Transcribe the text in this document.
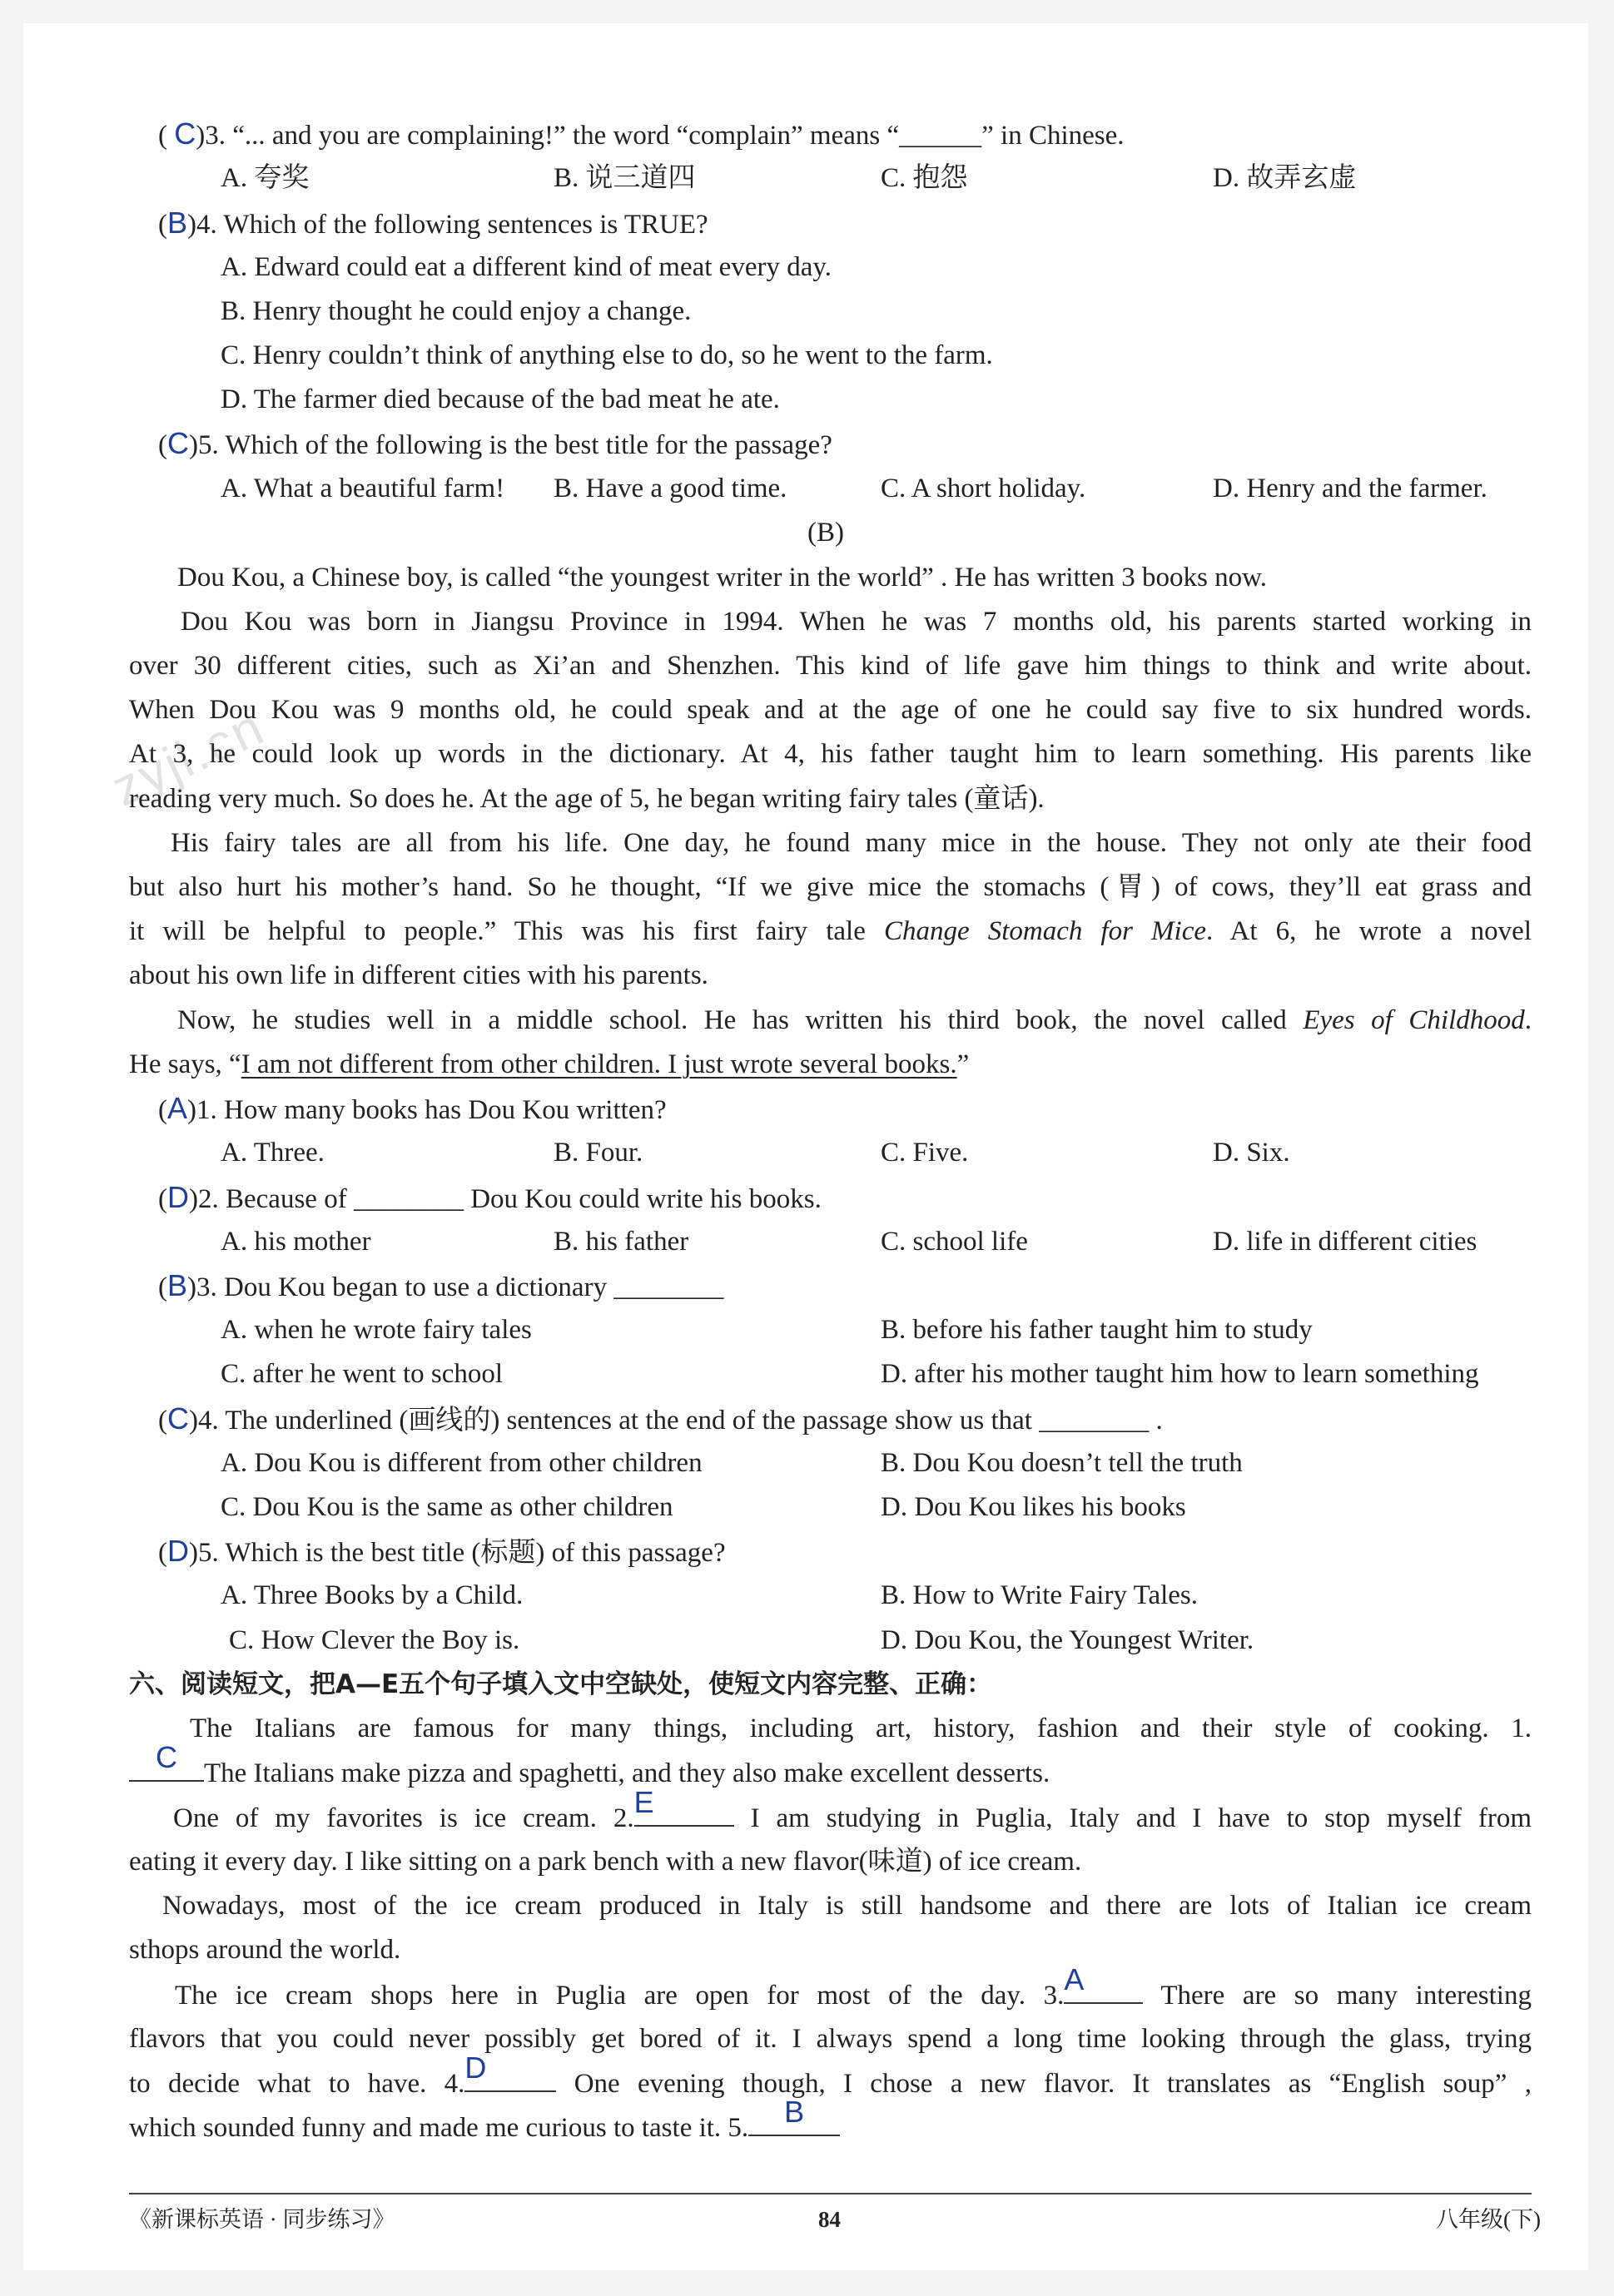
zyjl.cn
( C)3. “... and you are complaining!” the word “complain” means “______” in Chinese.
A. 夸奖	B. 说三道四	C. 抱怨	D. 故弄玄虚
(B)4. Which of the following sentences is TRUE?
A. Edward could eat a different kind of meat every day.
B. Henry thought he could enjoy a change.
C. Henry couldn’t think of anything else to do, so he went to the farm.
D. The farmer died because of the bad meat he ate.
(C)5. Which of the following is the best title for the passage?
A. What a beautiful farm! B. Have a good time.	C. A short holiday.	D. Henry and the farmer.
(B)
Dou Kou, a Chinese boy, is called “the youngest writer in the world” . He has written 3 books now.
Dou Kou was born in Jiangsu Province in 1994. When he was 7 months old, his parents started working in
over 30 different cities, such as Xi’an and Shenzhen. This kind of life gave him things to think and write about.
When Dou Kou was 9 months old, he could speak and at the age of one he could say five to six hundred words.
At 3, he could look up words in the dictionary. At 4, his father taught him to learn something. His parents like
reading very much. So does he. At the age of 5, he began writing fairy tales (童话).
His fairy tales are all from his life. One day, he found many mice in the house. They not only ate their food
but also hurt his mother’s hand. So he thought, “If we give mice the stomachs (胃) of cows, they’ll eat grass and
it will be helpful to people.” This was his first fairy tale Change Stomach for Mice. At 6, he wrote a novel
about his own life in different cities with his parents.
Now, he studies well in a middle school. He has written his third book, the novel called Eyes of Childhood.
He says, “I am not different from other children. I just wrote several books.”
(A)1. How many books has Dou Kou written?
A. Three.	B. Four.	C. Five.	D. Six.
(D)2. Because of ________ Dou Kou could write his books.
A. his mother	B. his father	C. school life	D. life in different cities
(B)3. Dou Kou began to use a dictionary ________
A. when he wrote fairy tales	B. before his father taught him to study
C. after he went to school	D. after his mother taught him how to learn something
(C)4. The underlined (画线的) sentences at the end of the passage show us that ________ .
A. Dou Kou is different from other children	B. Dou Kou doesn’t tell the truth
C. Dou Kou is the same as other children	D. Dou Kou likes his books
(D)5. Which is the best title (标题) of this passage?
A. Three Books by a Child.	B. How to Write Fairy Tales.
C. How Clever the Boy is.	D. Dou Kou, the Youngest Writer.
六、阅读短文，把A—E五个句子填入文中空缺处，使短文内容完整、正确：
The Italians are famous for many things, including art, history, fashion and their style of cooking. 1.
C The Italians make pizza and spaghetti, and they also make excellent desserts.
One of my favorites is ice cream. 2. E	I am studying in Puglia, Italy and I have to stop myself from
eating it every day. I like sitting on a park bench with a new flavor(味道) of ice cream.
Nowadays, most of the ice cream produced in Italy is still handsome and there are lots of Italian ice cream
sthops around the world.
The ice cream shops here in Puglia are open for most of the day. 3. A	There are so many interesting
flavors that you could never possibly get bored of it. I always spend a long time looking through the glass, trying
to decide what to have. 4. D	One evening though, I chose a new flavor. It translates as “English soup” ,
which sounded funny and made me curious to taste it. 5.	B
《新课标英语 · 同步练习》	84	八年级(下)
